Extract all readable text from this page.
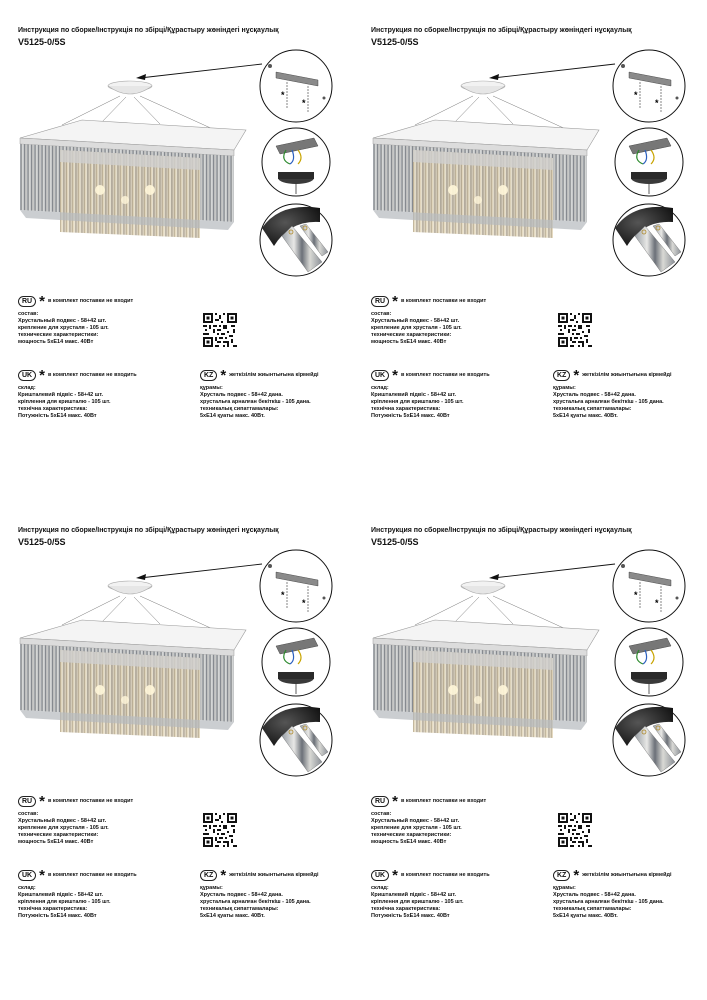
Инструкция по сборке/Інструкція по збірці/Құрастыру жөніндегі нұсқаулық
V5125-0/5S
RU * в комплект поставки не входит
состав:
Хрустальный подвес - 58+42 шт.
крепление для хрусталя - 105 шт.
технические характеристики:
мощность 5хE14 макс. 40Вт
UK * в комплект поставки не входить
склад:
Кришталевий підвіс - 58+42 шт.
кріплення для кришталю - 105 шт.
технічна характеристика:
Потужність 5хE14 макс. 40Вт
KZ * жеткізілім жиынтығына кірмейді
құрамы:
Хрусталь подвес - 58+42 дана.
хрустальға арналған бекіткіш - 105 дана.
техникалық сипаттамалары:
5хE14 қуаты макс. 40Вт.
Инструкция по сборке/Інструкція по збірці/Құрастыру жөніндегі нұсқаулық
V5125-0/5S
RU * в комплект поставки не входит
состав:
Хрустальный подвес - 58+42 шт.
крепление для хрусталя - 105 шт.
технические характеристики:
мощность 5хE14 макс. 40Вт
UK * в комплект поставки не входить
склад:
Кришталевий підвіс - 58+42 шт.
кріплення для кришталю - 105 шт.
технічна характеристика:
Потужність 5хE14 макс. 40Вт
KZ * жеткізілім жиынтығына кірмейді
құрамы:
Хрусталь подвес - 58+42 дана.
хрустальға арналған бекіткіш - 105 дана.
техникалық сипаттамалары:
5хE14 қуаты макс. 40Вт.
Инструкция по сборке/Інструкція по збірці/Құрастыру жөніндегі нұсқаулық
V5125-0/5S
RU * в комплект поставки не входит
состав:
Хрустальный подвес - 58+42 шт.
крепление для хрусталя - 105 шт.
технические характеристики:
мощность 5хE14 макс. 40Вт
UK * в комплект поставки не входить
склад:
Кришталевий підвіс - 58+42 шт.
кріплення для кришталю - 105 шт.
технічна характеристика:
Потужність 5хE14 макс. 40Вт
KZ * жеткізілім жиынтығына кірмейді
құрамы:
Хрусталь подвес - 58+42 дана.
хрустальға арналған бекіткіш - 105 дана.
техникалық сипаттамалары:
5хE14 қуаты макс. 40Вт.
Инструкция по сборке/Інструкція по збірці/Құрастыру жөніндегі нұсқаулық
V5125-0/5S
RU * в комплект поставки не входит
состав:
Хрустальный подвес - 58+42 шт.
крепление для хрусталя - 105 шт.
технические характеристики:
мощность 5хE14 макс. 40Вт
UK * в комплект поставки не входить
склад:
Кришталевий підвіс - 58+42 шт.
кріплення для кришталю - 105 шт.
технічна характеристика:
Потужність 5хE14 макс. 40Вт
KZ * жеткізілім жиынтығына кірмейді
құрамы:
Хрусталь подвес - 58+42 дана.
хрустальға арналған бекіткіш - 105 дана.
техникалық сипаттамалары:
5хE14 қуаты макс. 40Вт.
